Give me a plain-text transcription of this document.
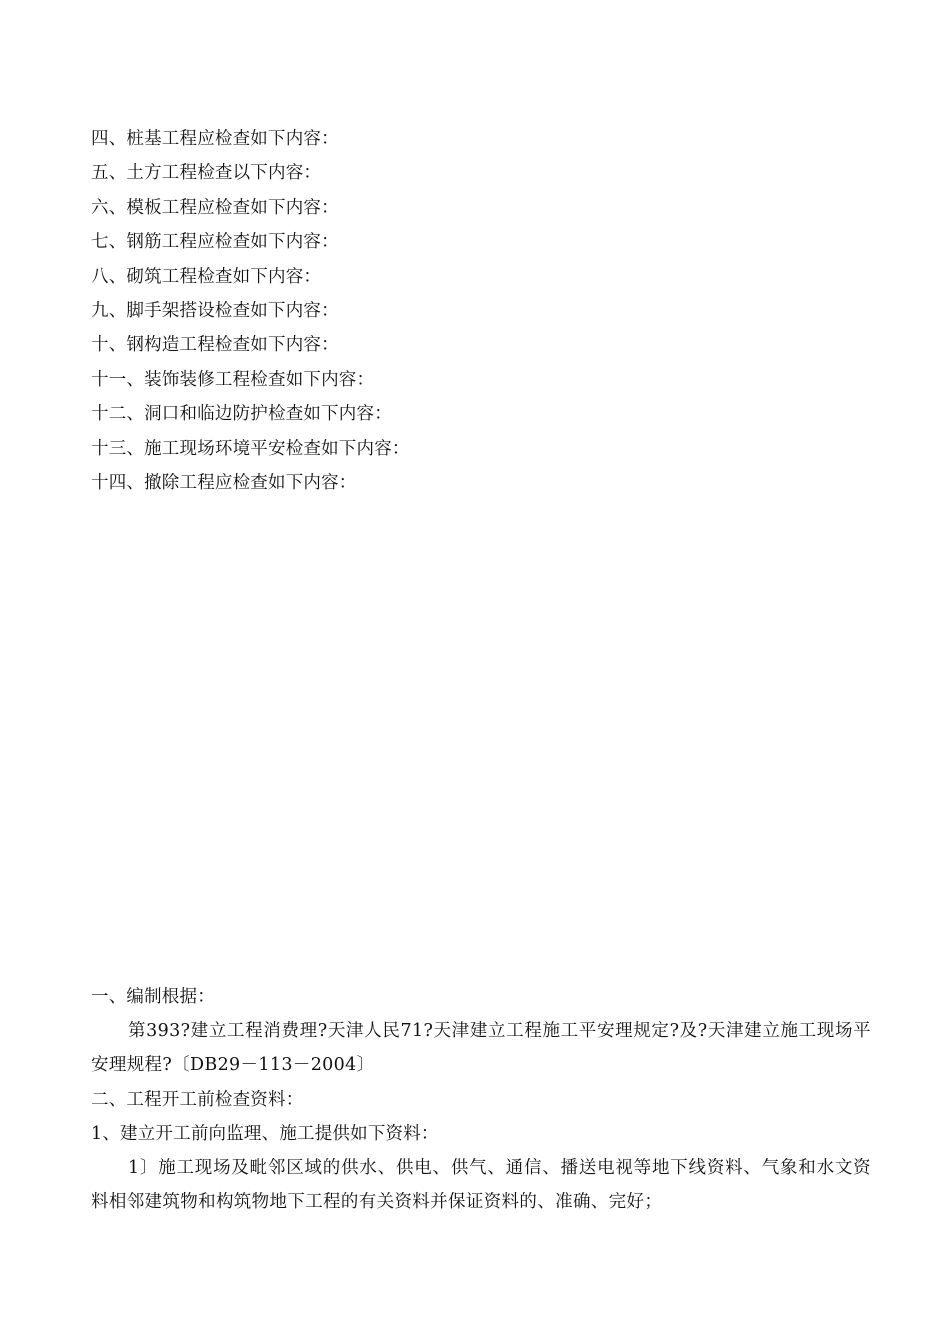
四、桩基工程应检查如下内容：
五、土方工程检查以下内容：
六、模板工程应检查如下内容：
七、钢筋工程应检查如下内容：
八、砌筑工程检查如下内容：
九、脚手架搭设检查如下内容：
十、钢构造工程检查如下内容：
十一、装饰装修工程检查如下内容：
十二、洞口和临边防护检查如下内容：
十三、施工现场环境平安检查如下内容：
十四、撤除工程应检查如下内容：
一、编制根据：
第393?建立工程消费理?天津人民71?天津建立工程施工平安理规定?及?天津建立施工现场平安理规程?〔DB29－113－2004〕
二、工程开工前检查资料：
1、建立开工前向监理、施工提供如下资料：
1〕施工现场及毗邻区域的供水、供电、供气、通信、播送电视等地下线资料、气象和水文资料相邻建筑物和构筑物地下工程的有关资料并保证资料的、准确、完好；
